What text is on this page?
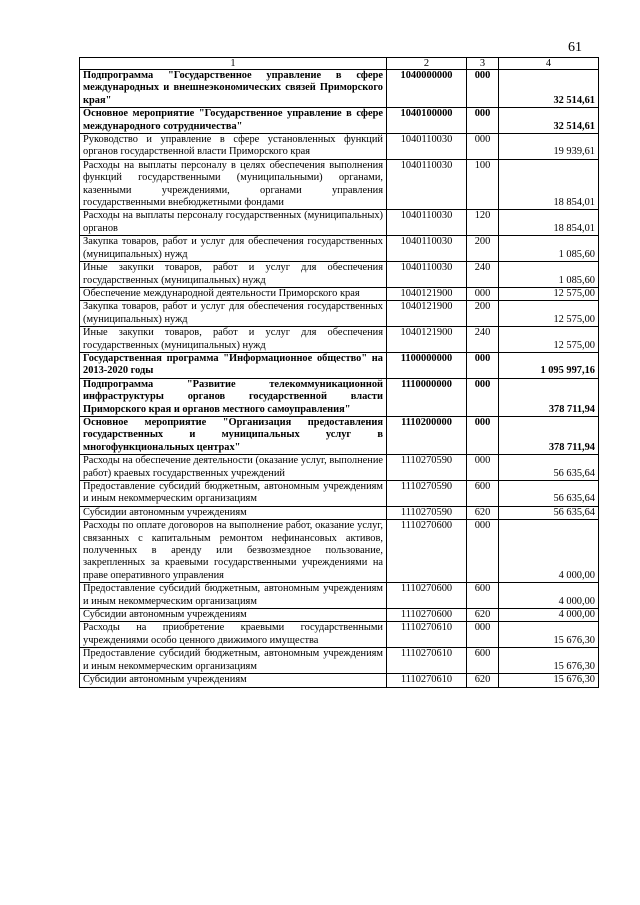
61
1	2	3	4
Подпрограмма "Государственное управление в сфере международных и внешнеэкономических связей Приморского края"	1040000000	000	32 514,61
Основное мероприятие "Государственное управление в сфере международного сотрудничества"	1040100000	000	32 514,61
Руководство и управление в сфере установленных функций органов государственной власти Приморского края	1040110030	000	19 939,61
Расходы на выплаты персоналу в целях обеспечения выполнения функций государственными (муниципальными) органами, казенными учреждениями, органами управления государственными внебюджетными фондами	1040110030	100	18 854,01
Расходы на выплаты персоналу государственных (муниципальных) органов	1040110030	120	18 854,01
Закупка товаров, работ и услуг для обеспечения государственных (муниципальных) нужд	1040110030	200	1 085,60
Иные закупки товаров, работ и услуг для обеспечения государственных (муниципальных) нужд	1040110030	240	1 085,60
Обеспечение международной деятельности Приморского края	1040121900	000	12 575,00
Закупка товаров, работ и услуг для обеспечения государственных (муниципальных) нужд	1040121900	200	12 575,00
Иные закупки товаров, работ и услуг для обеспечения государственных (муниципальных) нужд	1040121900	240	12 575,00
Государственная программа "Информационное общество" на 2013-2020 годы	1100000000	000	1 095 997,16
Подпрограмма "Развитие телекоммуникационной инфраструктуры органов государственной власти Приморского края и органов местного самоуправления"	1110000000	000	378 711,94
Основное мероприятие "Организация предоставления государственных и муниципальных услуг в многофункциональных центрах"	1110200000	000	378 711,94
Расходы на обеспечение деятельности (оказание услуг, выполнение работ) краевых государственных учреждений	1110270590	000	56 635,64
Предоставление субсидий бюджетным, автономным учреждениям и иным некоммерческим организациям	1110270590	600	56 635,64
Субсидии автономным учреждениям	1110270590	620	56 635,64
Расходы по оплате договоров на выполнение работ, оказание услуг, связанных с капитальным ремонтом нефинансовых активов, полученных в аренду или безвозмездное пользование, закрепленных за краевыми государственными учреждениями на праве оперативного управления	1110270600	000	4 000,00
Предоставление субсидий бюджетным, автономным учреждениям и иным некоммерческим организациям	1110270600	600	4 000,00
Субсидии автономным учреждениям	1110270600	620	4 000,00
Расходы на приобретение краевыми государственными учреждениями особо ценного движимого имущества	1110270610	000	15 676,30
Предоставление субсидий бюджетным, автономным учреждениям и иным некоммерческим организациям	1110270610	600	15 676,30
Субсидии автономным учреждениям	1110270610	620	15 676,30
